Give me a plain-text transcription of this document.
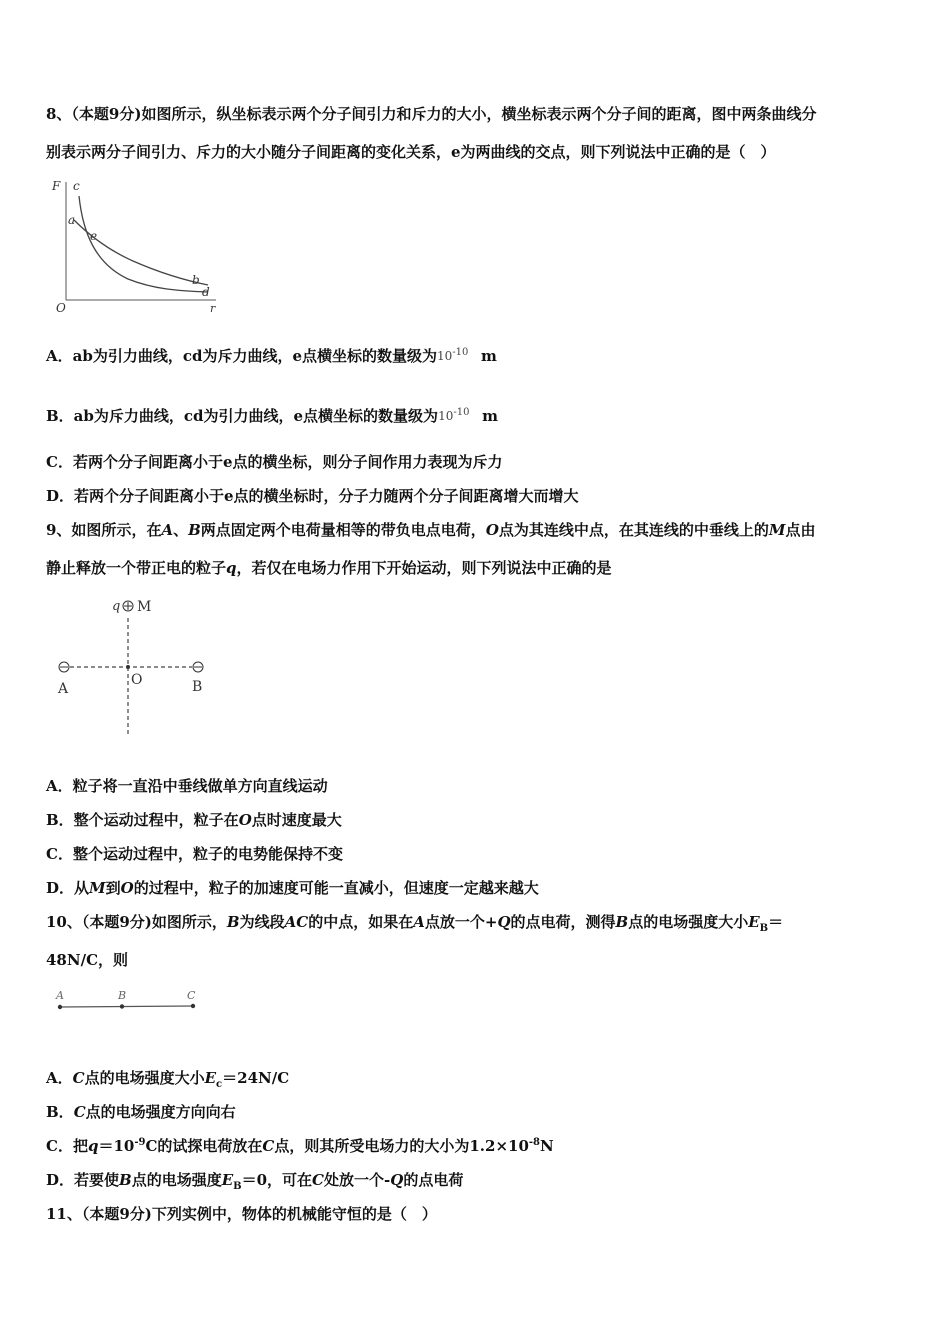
8、（本题9分)如图所示，纵坐标表示两个分子间引力和斥力的大小，横坐标表示两个分子间的距离，图中两条曲线分
别表示两分子间引力、斥力的大小随分子间距离的变化关系，e为两曲线的交点，则下列说法中正确的是（　）
F c
a
e
b
d
O	r
A．ab为引力曲线，cd为斥力曲线，e点横坐标的数量级为 $10^{-10}$ m
B．ab为斥力曲线，cd为引力曲线，e点横坐标的数量级为 $10^{-10}$ m
C．若两个分子间距离小于e点的横坐标，则分子间作用力表现为斥力
D．若两个分子间距离小于e点的横坐标时，分子力随两个分子间距离增大而增大
9、如图所示，在A、B两点固定两个电荷量相等的带负电点电荷，O点为其连线中点，在其连线的中垂线上的M点由
静止释放一个带正电的粒子q，若仅在电场力作用下开始运动，则下列说法中正确的是
q M
A
O	B
A．粒子将一直沿中垂线做单方向直线运动
B．整个运动过程中，粒子在O点时速度最大
C．整个运动过程中，粒子的电势能保持不变
D．从M到O的过程中，粒子的加速度可能一直减小，但速度一定越来越大
10、（本题9分)如图所示，B为线段AC的中点，如果在A点放一个+Q的点电荷，测得B点的电场强度大小$E_B=$
48N/C，则
A	B	C
A．C点的电场强度大小$E_c=24N/C$
B．C点的电场强度方向向右
C．把$q=10^{-9}C$的试探电荷放在C点，则其所受电场力的大小为$1.2\times 10^{-8}N$
D．若要使B点的电场强度$E_B=0$，可在C处放一个-Q的点电荷
11、（本题9分)下列实例中，物体的机械能守恒的是（　）
